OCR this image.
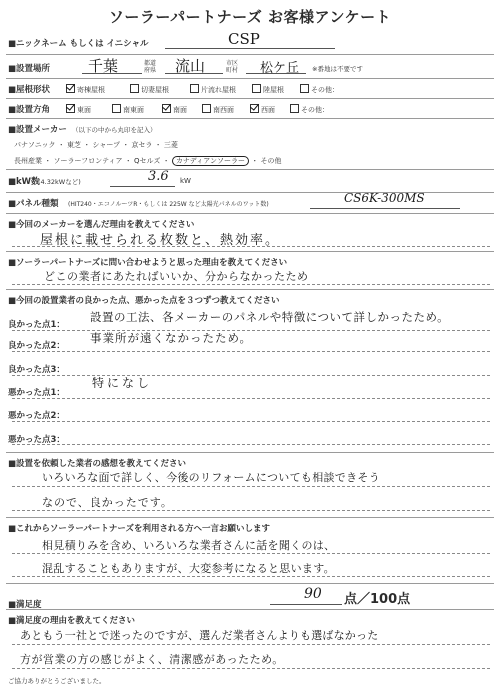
ソーラーパートナーズ お客様アンケート
■ニックネーム もしくは イニシャル	CSP
■設置場所	千葉	都道府県 流山	市区町村	松ケ丘 ※番地は不要です
■屋根形状	寄棟屋根	切妻屋根	片流れ屋根	陸屋根	その他：
■設置方角	東面	南東面	南面	南西面	西面	その他：
■設置メーカー （以下の中から丸印を記入）
パナソニック ・ 東芝 ・ シャープ ・ 京セラ ・ 三菱
長州産業 ・ ソーラーフロンティア ・ Qセルズ ・ カナディアンソーラー ・ その他
■kW数
(4.32kWなど)	3.6 kW
■パネル種類 (HIT240・エコノルーツR・もしくは 225W など太陽光パネルのワット数)	CS6K-300MS
■今回のメーカーを選んだ理由を教えてください
屋根に載せられる枚数と、熱効率。
■ソーラーパートナーズに問い合わせようと思った理由を教えてください
どこの業者にあたればいいか、分からなかったため
■今回の設置業者の良かった点、悪かった点を３つずつ教えてください
良かった点1：
設置の工法、各メーカーのパネルや特徴について詳しかったため。
良かった点2：
事業所が遠くなかったため。
良かった点3：
悪かった点1：
特になし
悪かった点2：
悪かった点3：
■設置を依頼した業者の感想を教えてください
いろいろな面で詳しく、今後のリフォームについても相談できそう
なので、良かったです。
■これからソーラーパートナーズを利用される方へ一言お願いします
相見積りみを含め、いろいろな業者さんに話を聞くのは、
混乱することもありますが、大変参考になると思います。
■満足度
90 点／100点
■満足度の理由を教えてください
あともう一社とで迷ったのですが、選んだ業者さんよりも選ばなかった
方が営業の方の感じがよく、清潔感があったため。
ご協力ありがとうございました。
